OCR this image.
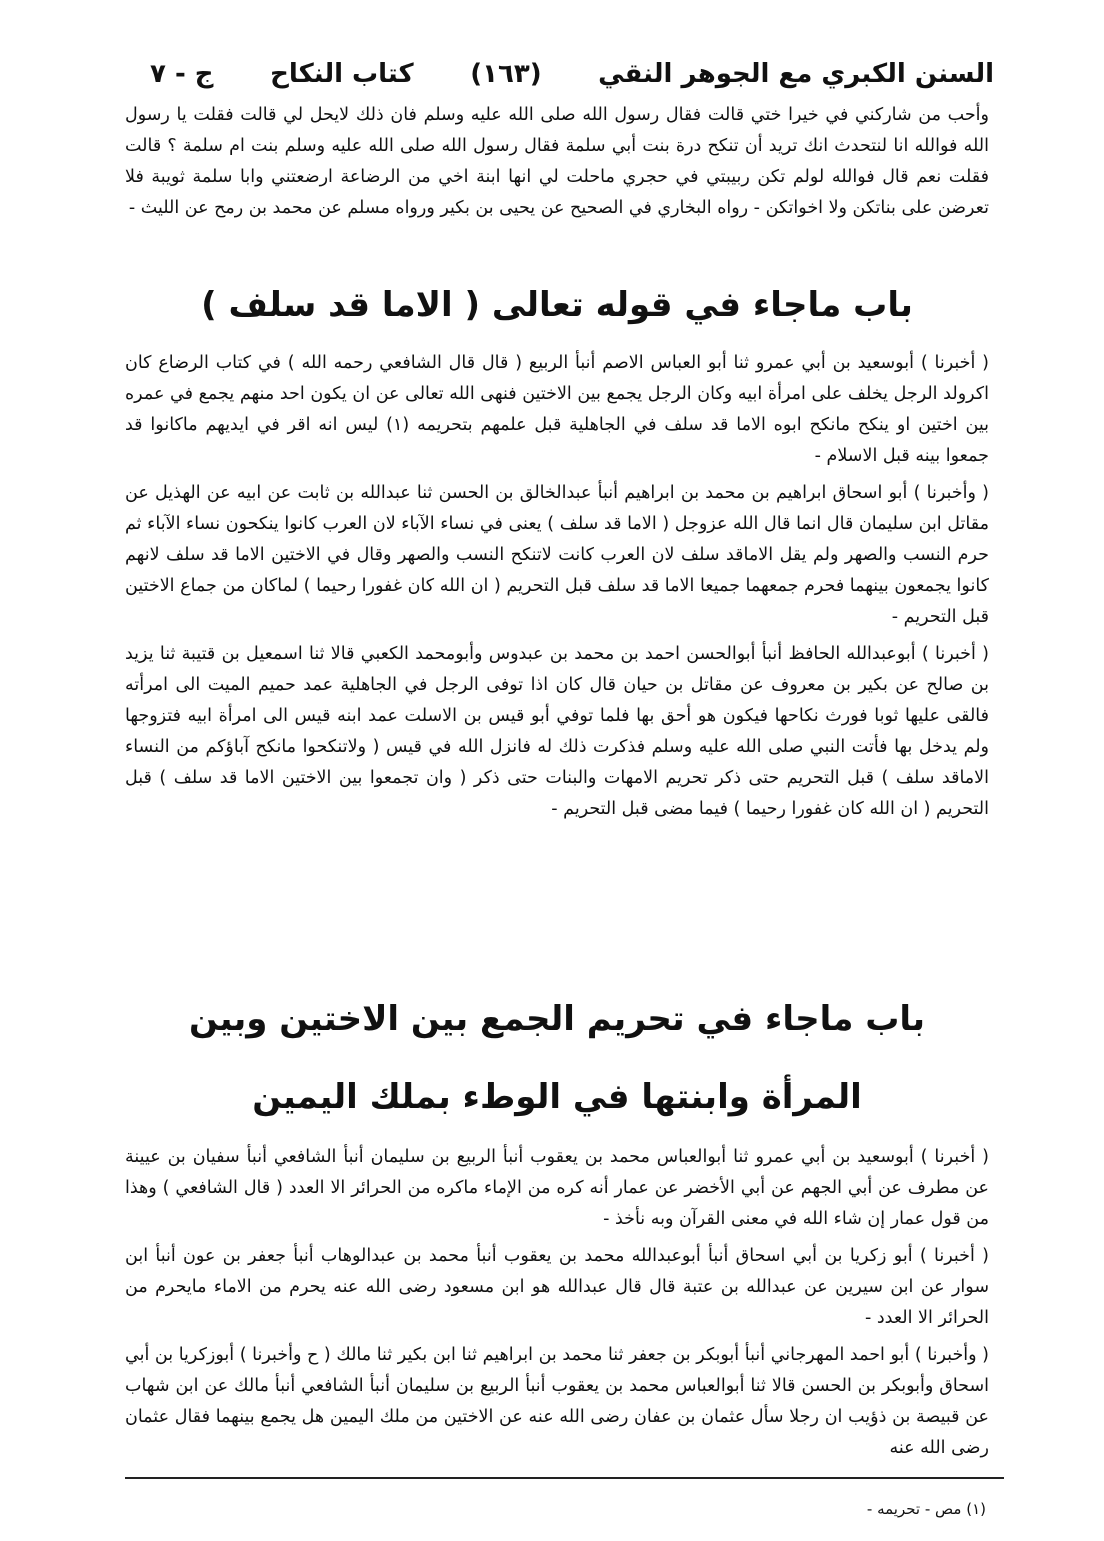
السنن الكبري مع الجوهر النقي
(١٦٣)
كتاب النكاح
ج - ٧

وأحب من شاركني في خيرا ختي قالت فقال رسول الله صلى الله عليه وسلم فان ذلك لايحل لي قالت فقلت يا رسول الله فوالله انا لنتحدث انك تريد أن تنكح درة بنت أبي سلمة فقال رسول الله صلى الله عليه وسلم بنت ام سلمة ؟ قالت فقلت نعم قال فوالله لولم تكن ربيبتي في حجري ماحلت لي انها ابنة اخي من الرضاعة ارضعتني وابا سلمة ثويبة فلا تعرضن على بناتكن ولا اخواتكن - رواه البخاري في الصحيح عن يحيى بن بكير ورواه مسلم عن محمد بن رمح عن الليث -

باب ماجاء في قوله تعالى ( الاما قد سلف )

( أخبرنا ) أبوسعيد بن أبي عمرو ثنا أبو العباس الاصم أنبأ الربيع ( قال قال الشافعي رحمه الله ) في كتاب الرضاع كان اكرولد الرجل يخلف على امرأة ابيه وكان الرجل يجمع بين الاختين فنهى الله تعالى عن ان يكون احد منهم يجمع في عمره بين اختين او ينكح مانكح ابوه الاما قد سلف في الجاهلية قبل علمهم بتحريمه (١) ليس انه اقر في ايديهم ماكانوا قد جمعوا بينه قبل الاسلام -

( وأخبرنا ) أبو اسحاق ابراهيم بن محمد بن ابراهيم أنبأ عبدالخالق بن الحسن ثنا عبدالله بن ثابت عن ابيه عن الهذيل عن مقاتل ابن سليمان قال انما قال الله عزوجل ( الاما قد سلف ) يعنى في نساء الآباء لان العرب كانوا ينكحون نساء الآباء ثم حرم النسب والصهر ولم يقل الاماقد سلف لان العرب كانت لاتنكح النسب والصهر وقال في الاختين الاما قد سلف لانهم كانوا يجمعون بينهما فحرم جمعهما جميعا الاما قد سلف قبل التحريم ( ان الله كان غفورا رحيما ) لماكان من جماع الاختين قبل التحريم -

( أخبرنا ) أبوعبدالله الحافظ أنبأ أبوالحسن احمد بن محمد بن عبدوس وأبومحمد الكعبي قالا ثنا اسمعيل بن قتيبة ثنا يزيد بن صالح عن بكير بن معروف عن مقاتل بن حيان قال كان اذا توفى الرجل في الجاهلية عمد حميم الميت الى امرأته فالقى عليها ثوبا فورث نكاحها فيكون هو أحق بها فلما توفي أبو قيس بن الاسلت عمد ابنه قيس الى امرأة ابيه فتزوجها ولم يدخل بها فأتت النبي صلى الله عليه وسلم فذكرت ذلك له فانزل الله في قيس ( ولاتنكحوا مانكح آباؤكم من النساء الاماقد سلف ) قبل التحريم حتى ذكر تحريم الامهات والبنات حتى ذكر ( وان تجمعوا بين الاختين الاما قد سلف ) قبل التحريم ( ان الله كان غفورا رحيما ) فيما مضى قبل التحريم -

باب ماجاء في تحريم الجمع بين الاختين وبين
المرأة وابنتها في الوطء بملك اليمين

( أخبرنا ) أبوسعيد بن أبي عمرو ثنا أبوالعباس محمد بن يعقوب أنبأ الربيع بن سليمان أنبأ الشافعي أنبأ سفيان بن عيينة عن مطرف عن أبي الجهم عن أبي الأخضر عن عمار أنه كره من الإماء ماكره من الحرائر الا العدد ( قال الشافعي ) وهذا من قول عمار إن شاء الله في معنى القرآن وبه نأخذ -

( أخبرنا ) أبو زكريا بن أبي اسحاق أنبأ أبوعبدالله محمد بن يعقوب أنبأ محمد بن عبدالوهاب أنبأ جعفر بن عون أنبأ ابن سوار عن ابن سيرين عن عبدالله بن عتبة قال قال عبدالله هو ابن مسعود رضى الله عنه يحرم من الاماء مايحرم من الحرائر الا العدد -

( وأخبرنا ) أبو احمد المهرجاني أنبأ أبوبكر بن جعفر ثنا محمد بن ابراهيم ثنا ابن بكير ثنا مالك ( ح وأخبرنا ) أبوزكريا بن أبي اسحاق وأبوبكر بن الحسن قالا ثنا أبوالعباس محمد بن يعقوب أنبأ الربيع بن سليمان أنبأ الشافعي أنبأ مالك عن ابن شهاب عن قبيصة بن ذؤيب ان رجلا سأل عثمان بن عفان رضى الله عنه عن الاختين من ملك اليمين هل يجمع بينهما فقال عثمان رضى الله عنه

(١) مص - تحريمه -
